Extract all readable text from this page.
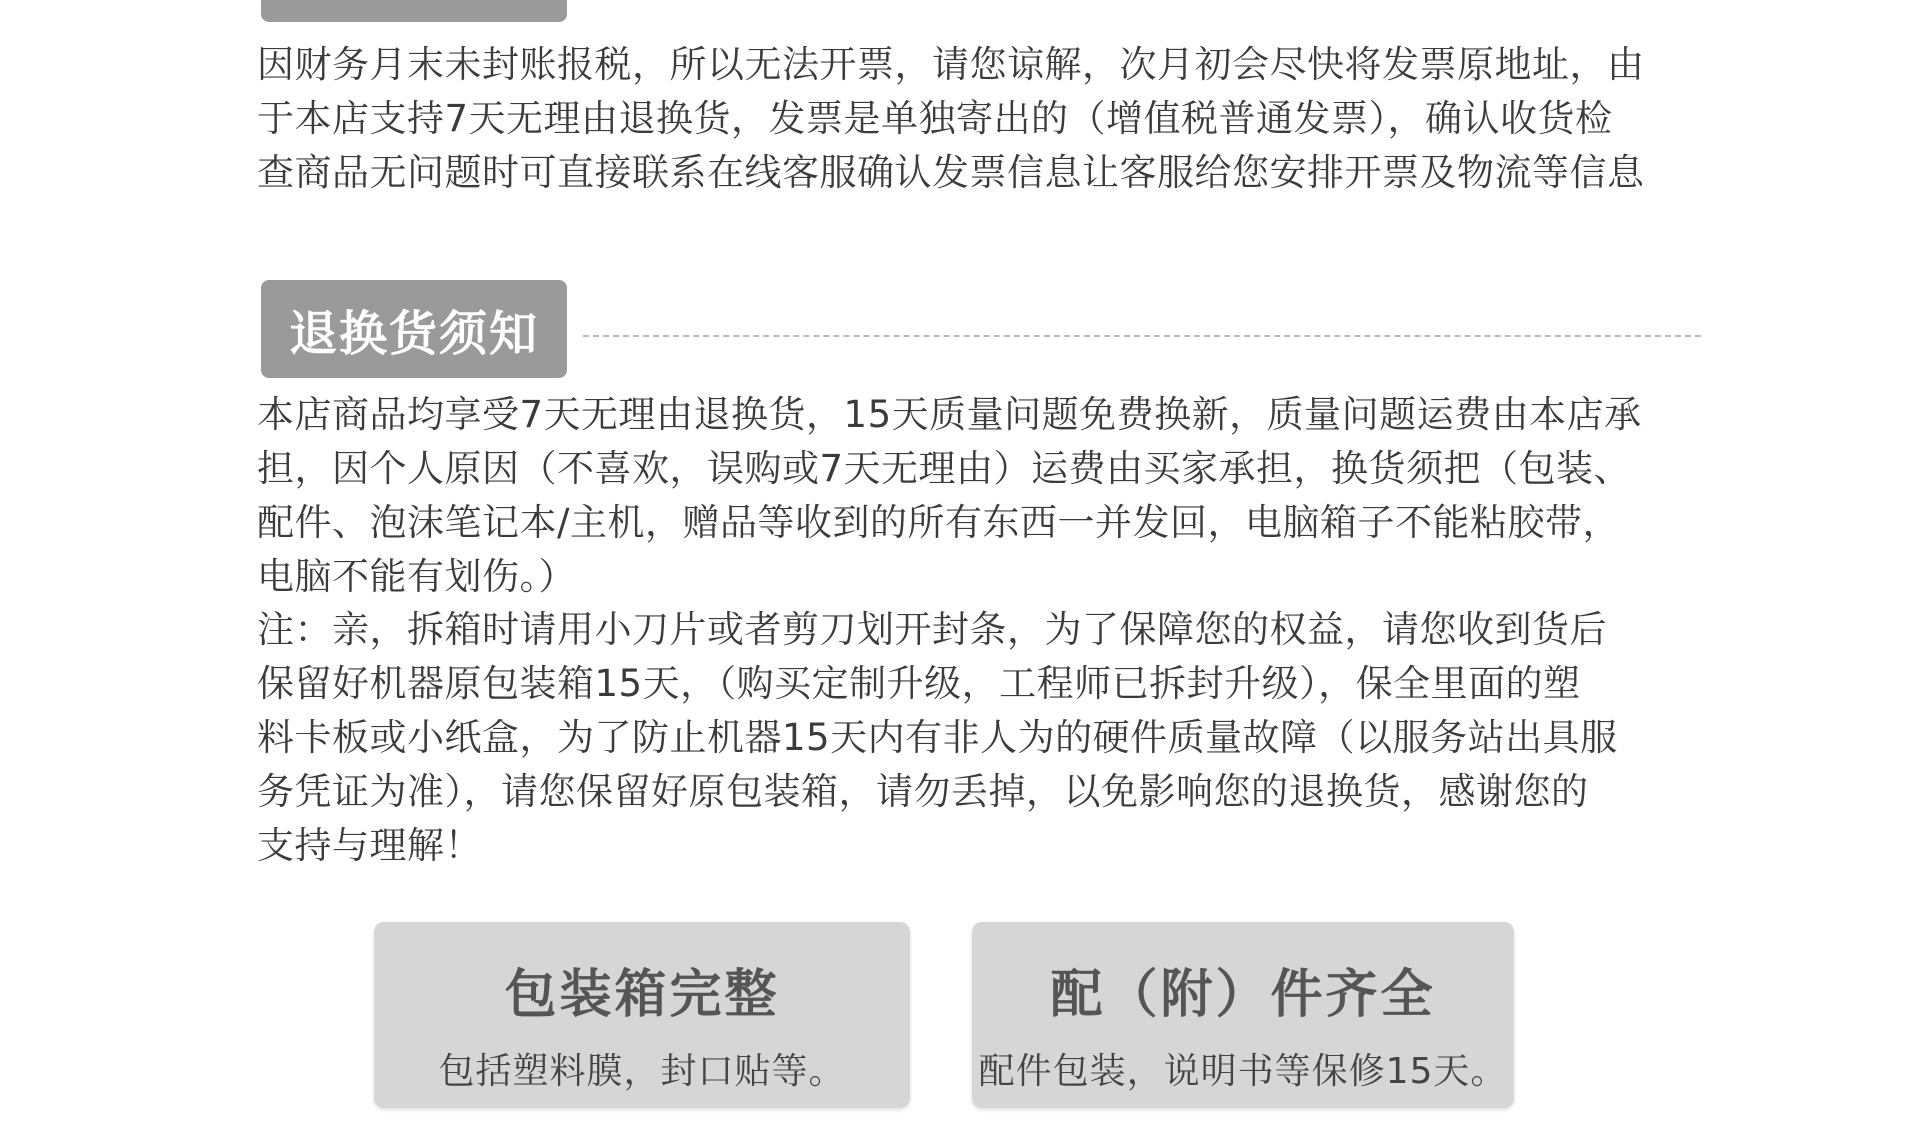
因财务月末未封账报税，所以无法开票，请您谅解，次月初会尽快将发票原地址，由
于本店支持7天无理由退换货，发票是单独寄出的（增值税普通发票），确认收货检
查商品无问题时可直接联系在线客服确认发票信息让客服给您安排开票及物流等信息

退换货须知

本店商品均享受7天无理由退换货，15天质量问题免费换新，质量问题运费由本店承
担，因个人原因（不喜欢，误购或7天无理由）运费由买家承担，换货须把（包装、
配件、泡沫笔记本/主机，赠品等收到的所有东西一并发回，电脑箱子不能粘胶带，
电脑不能有划伤。）

注：亲，拆箱时请用小刀片或者剪刀划开封条，为了保障您的权益，请您收到货后
保留好机器原包装箱15天，（购买定制升级，工程师已拆封升级），保全里面的塑
料卡板或小纸盒，为了防止机器15天内有非人为的硬件质量故障（以服务站出具服
务凭证为准），请您保留好原包装箱，请勿丢掉，以免影响您的退换货，感谢您的
支持与理解！

包装箱完整
包括塑料膜，封口贴等。
配（附）件齐全
配件包装，说明书等保修15天。
